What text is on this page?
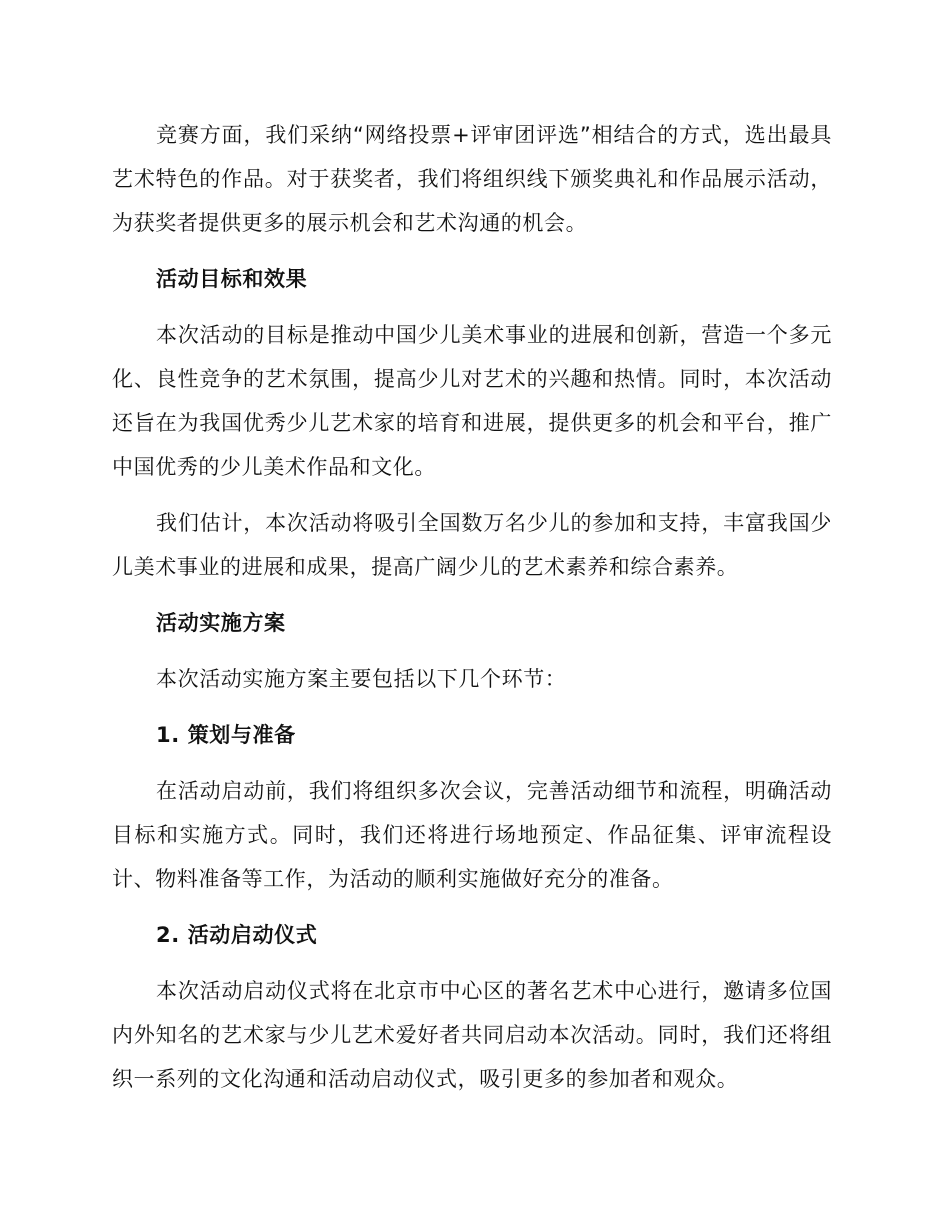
竞赛方面，我们采纳“网络投票+评审团评选”相结合的方式，选出最具艺术特色的作品。对于获奖者，我们将组织线下颁奖典礼和作品展示活动，为获奖者提供更多的展示机会和艺术沟通的机会。

活动目标和效果

本次活动的目标是推动中国少儿美术事业的进展和创新，营造一个多元化、良性竞争的艺术氛围，提高少儿对艺术的兴趣和热情。同时，本次活动还旨在为我国优秀少儿艺术家的培育和进展，提供更多的机会和平台，推广中国优秀的少儿美术作品和文化。

我们估计，本次活动将吸引全国数万名少儿的参加和支持，丰富我国少儿美术事业的进展和成果，提高广阔少儿的艺术素养和综合素养。

活动实施方案

本次活动实施方案主要包括以下几个环节：

1. 策划与准备

在活动启动前，我们将组织多次会议，完善活动细节和流程，明确活动目标和实施方式。同时，我们还将进行场地预定、作品征集、评审流程设计、物料准备等工作，为活动的顺利实施做好充分的准备。

2. 活动启动仪式

本次活动启动仪式将在北京市中心区的著名艺术中心进行，邀请多位国内外知名的艺术家与少儿艺术爱好者共同启动本次活动。同时，我们还将组织一系列的文化沟通和活动启动仪式，吸引更多的参加者和观众。
